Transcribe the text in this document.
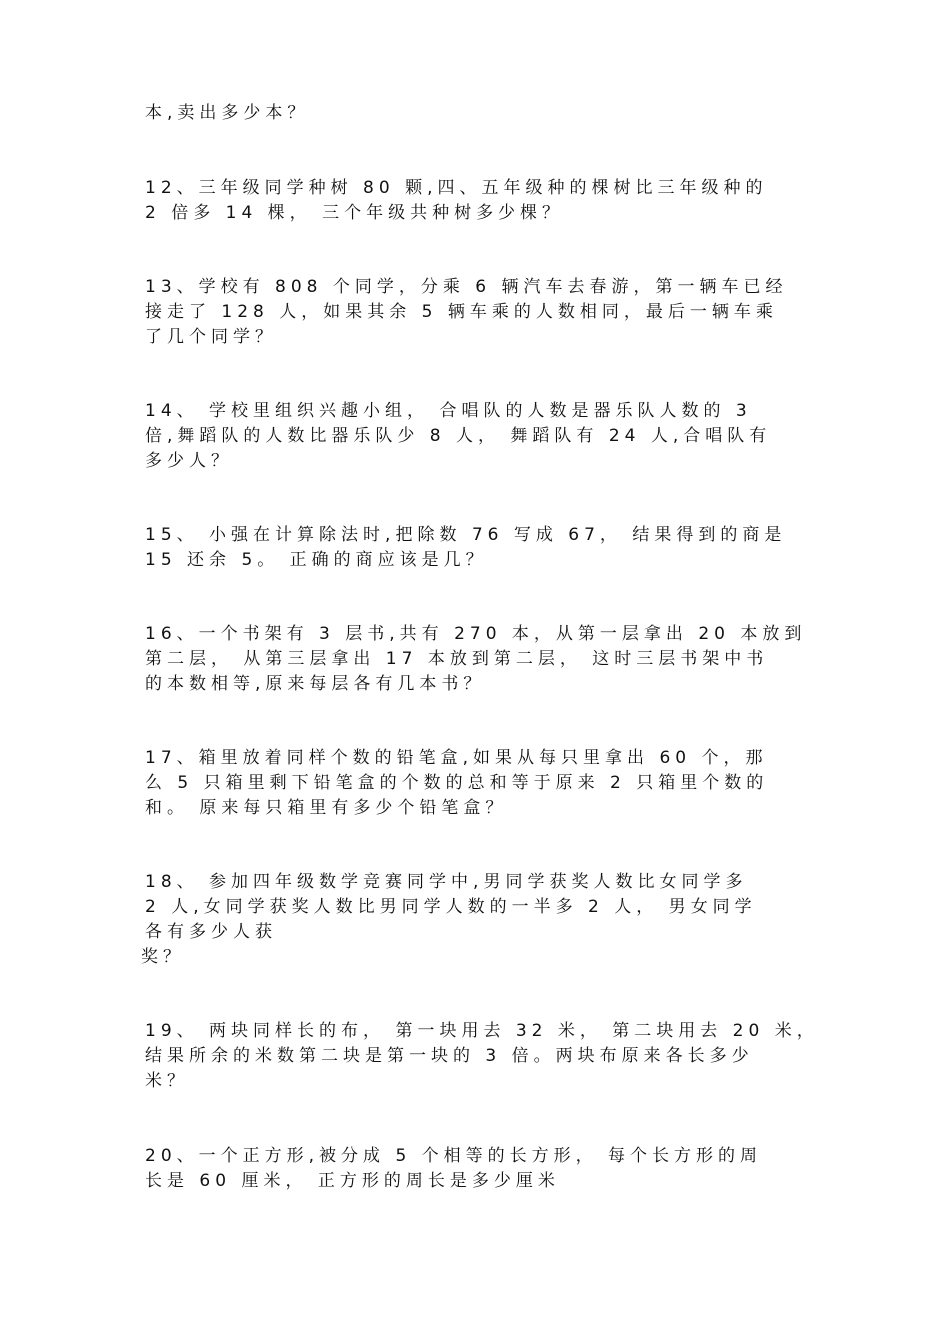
本,卖出多少本？
12、三年级同学种树 80 颗,四、五年级种的棵树比三年级种的
2 倍多 14 棵， 三个年级共种树多少棵？
13、学校有 808 个同学，分乘 6 辆汽车去春游，第一辆车已经
接走了 128 人，如果其余 5 辆车乘的人数相同，最后一辆车乘
了几个同学？
14、 学校里组织兴趣小组， 合唱队的人数是器乐队人数的 3
倍,舞蹈队的人数比器乐队少 8 人， 舞蹈队有 24 人,合唱队有
多少人？
15、 小强在计算除法时,把除数 76 写成 67， 结果得到的商是
15 还余 5。 正确的商应该是几？
16、一个书架有 3 层书,共有 270 本，从第一层拿出 20 本放到
第二层， 从第三层拿出 17 本放到第二层， 这时三层书架中书
的本数相等,原来每层各有几本书？
17、箱里放着同样个数的铅笔盒,如果从每只里拿出 60 个，那
么 5 只箱里剩下铅笔盒的个数的总和等于原来 2 只箱里个数的
和。 原来每只箱里有多少个铅笔盒？
18、 参加四年级数学竞赛同学中,男同学获奖人数比女同学多
2 人,女同学获奖人数比男同学人数的一半多 2 人， 男女同学
各有多少人获
奖？
19、 两块同样长的布， 第一块用去 32 米， 第二块用去 20 米，
结果所余的米数第二块是第一块的 3 倍。两块布原来各长多少
米？
20、一个正方形,被分成 5 个相等的长方形， 每个长方形的周
长是 60 厘米， 正方形的周长是多少厘米
